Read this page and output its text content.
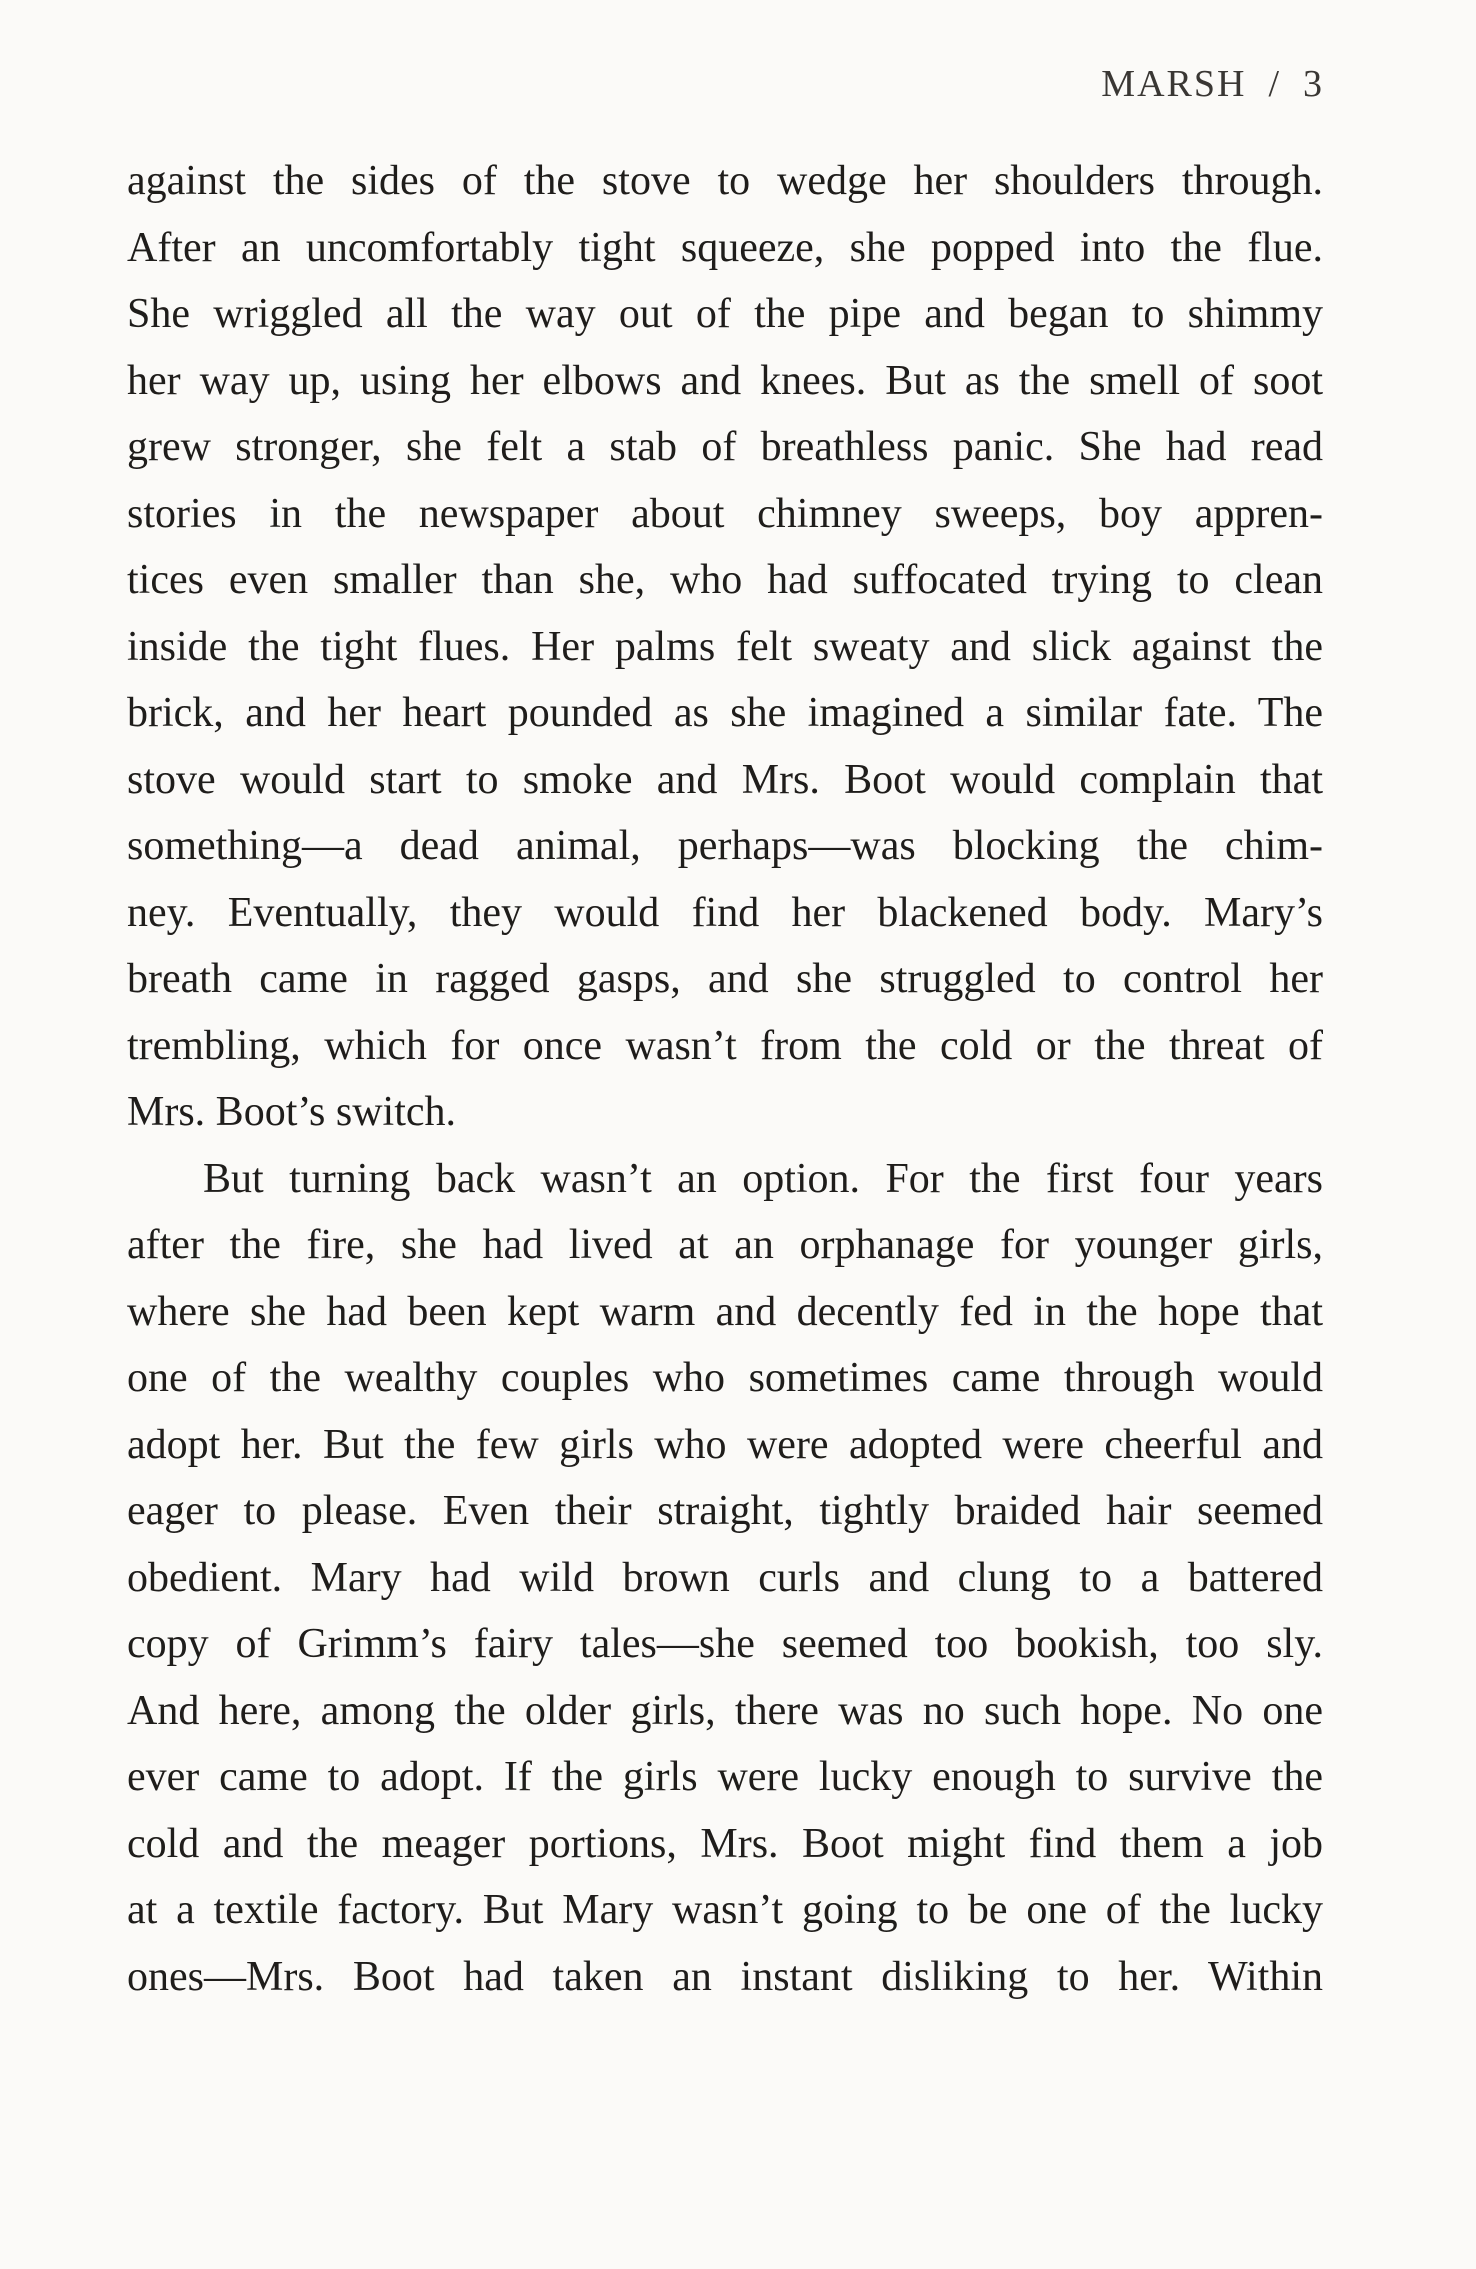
MARSH / 3
against the sides of the stove to wedge her shoulders through.
After an uncomfortably tight squeeze, she popped into the flue.
She wriggled all the way out of the pipe and began to shimmy
her way up, using her elbows and knees. But as the smell of soot
grew stronger, she felt a stab of breathless panic. She had read
stories in the newspaper about chimney sweeps, boy appren-
tices even smaller than she, who had suffocated trying to clean
inside the tight flues. Her palms felt sweaty and slick against the
brick, and her heart pounded as she imagined a similar fate. The
stove would start to smoke and Mrs. Boot would complain that
something—a dead animal, perhaps—was blocking the chim-
ney. Eventually, they would find her blackened body. Mary’s
breath came in ragged gasps, and she struggled to control her
trembling, which for once wasn’t from the cold or the threat of
Mrs. Boot’s switch.
But turning back wasn’t an option. For the first four years
after the fire, she had lived at an orphanage for younger girls,
where she had been kept warm and decently fed in the hope that
one of the wealthy couples who sometimes came through would
adopt her. But the few girls who were adopted were cheerful and
eager to please. Even their straight, tightly braided hair seemed
obedient. Mary had wild brown curls and clung to a battered
copy of Grimm’s fairy tales—she seemed too bookish, too sly.
And here, among the older girls, there was no such hope. No one
ever came to adopt. If the girls were lucky enough to survive the
cold and the meager portions, Mrs. Boot might find them a job
at a textile factory. But Mary wasn’t going to be one of the lucky
ones—Mrs. Boot had taken an instant disliking to her. Within
